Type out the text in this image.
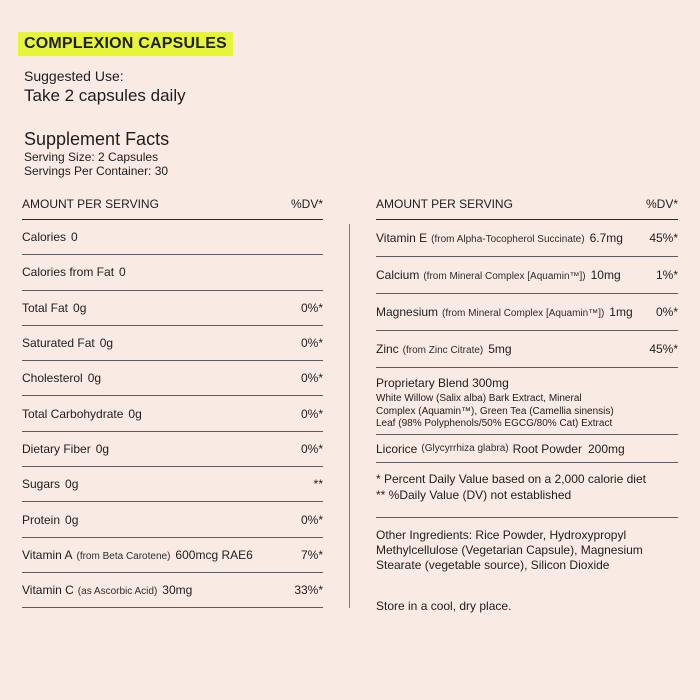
COMPLEXION CAPSULES
Suggested Use:
Take 2 capsules daily
Supplement Facts
Serving Size: 2 Capsules
Servings Per Container: 30
AMOUNT PER SERVING	%DV*
Calories 0
Calories from Fat 0
Total Fat 0g	0%*
Saturated Fat 0g	0%*
Cholesterol 0g	0%*
Total Carbohydrate 0g	0%*
Dietary Fiber 0g	0%*
Sugars 0g	**
Protein 0g	0%*
Vitamin A (from Beta Carotene) 600mcg RAE6	7%*
Vitamin C (as Ascorbic Acid) 30mg	33%*
AMOUNT PER SERVING	%DV*
Vitamin E (from Alpha-Tocopherol Succinate) 6.7mg 45%*
Calcium (from Mineral Complex [Aquamin™]) 10mg	1%*
Magnesium (from Mineral Complex [Aquamin™]) 1mg 0%*
Zinc (from Zinc Citrate) 5mg	45%*
Proprietary Blend 300mg
White Willow (Salix alba) Bark Extract, Mineral Complex (Aquamin™), Green Tea (Camellia sinensis) Leaf (98% Polyphenols/50% EGCG/80% Cat) Extract
Licorice (Glycyrrhiza glabra) Root Powder 200mg
* Percent Daily Value based on a 2,000 calorie diet
** %Daily Value (DV) not established
Other Ingredients: Rice Powder, Hydroxypropyl Methylcellulose (Vegetarian Capsule), Magnesium Stearate (vegetable source), Silicon Dioxide
Store in a cool, dry place.
